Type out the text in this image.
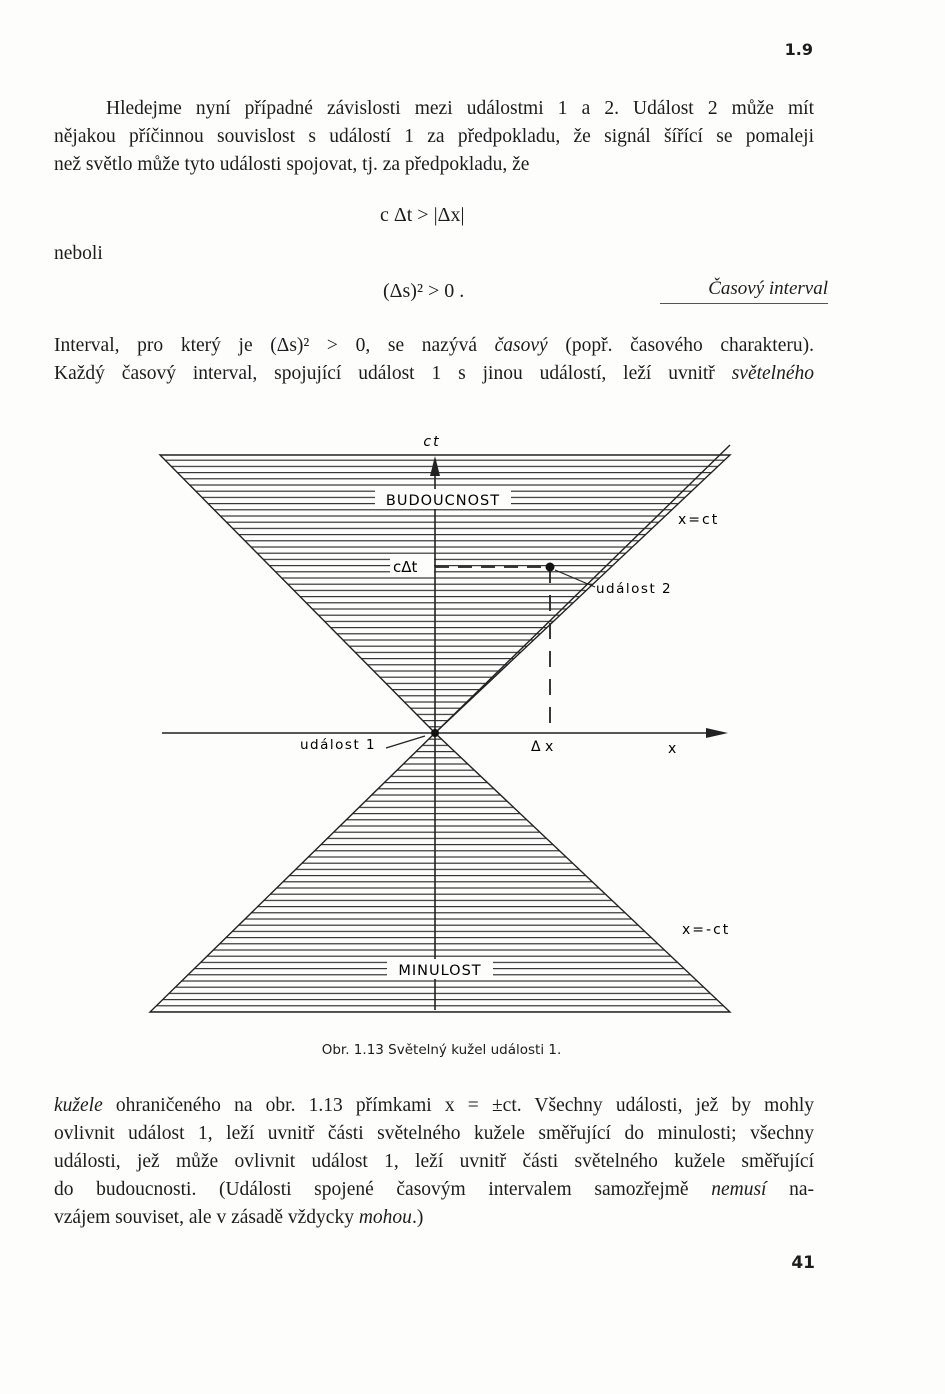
1.9

Hledejme nyní případné závislosti mezi událostmi 1 a 2. Událost 2 může mít
nějakou příčinnou souvislost s událostí 1 za předpokladu, že signál šířící se pomaleji
než světlo může tyto události spojovat, tj. za předpokladu, že

c Δt > |Δx|
neboli
(Δs)² > 0 .	Časový interval

Interval, pro který je (Δs)² > 0, se nazývá časový (popř. časového charakteru).
Každý časový interval, spojující událost 1 s jinou událostí, leží uvnitř světelného

BUDOUCNOST
MINULOST
ct
x
x=ct
x=-ct
cΔt
událost 2
událost 1	Δ x
Obr. 1.13 Světelný kužel události 1.

kužele ohraničeného na obr. 1.13 přímkami x = ±ct. Všechny události, jež by mohly
ovlivnit událost 1, leží uvnitř části světelného kužele směřující do minulosti; všechny
události, jež může ovlivnit událost 1, leží uvnitř části světelného kužele směřující
do budoucnosti. (Události spojené časovým intervalem samozřejmě nemusí na-
vzájem souviset, ale v zásadě vždycky mohou.)

41
